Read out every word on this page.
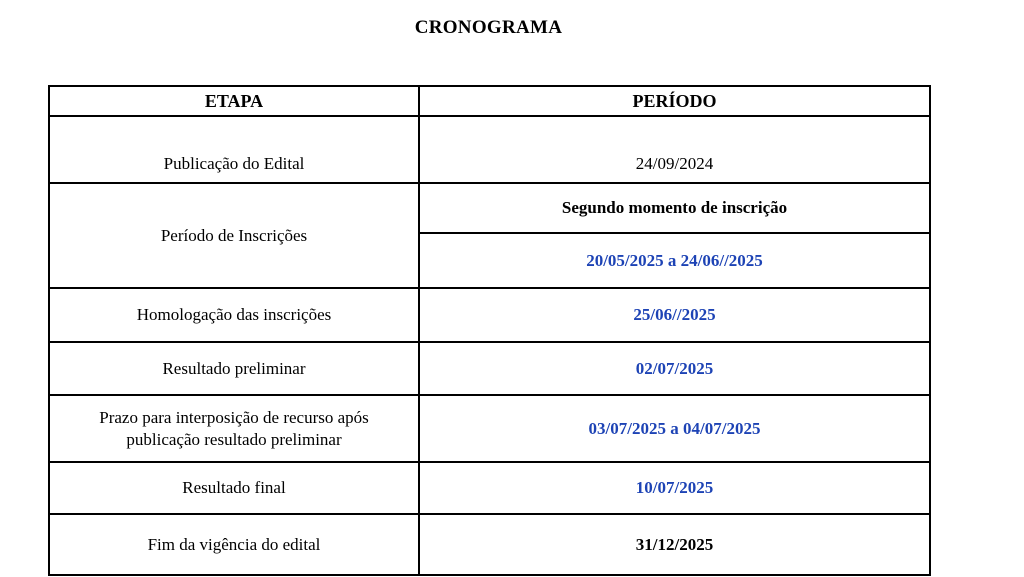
CRONOGRAMA
ETAPA	PERÍODO
Publicação do Edital	24/09/2024
Período de Inscrições	Segundo momento de inscrição
	20/05/2025 a 24/06//2025
Homologação das inscrições	25/06//2025
Resultado preliminar	02/07/2025
Prazo para interposição de recurso após publicação resultado preliminar	03/07/2025 a 04/07/2025
Resultado final	10/07/2025
Fim da vigência do edital	31/12/2025
